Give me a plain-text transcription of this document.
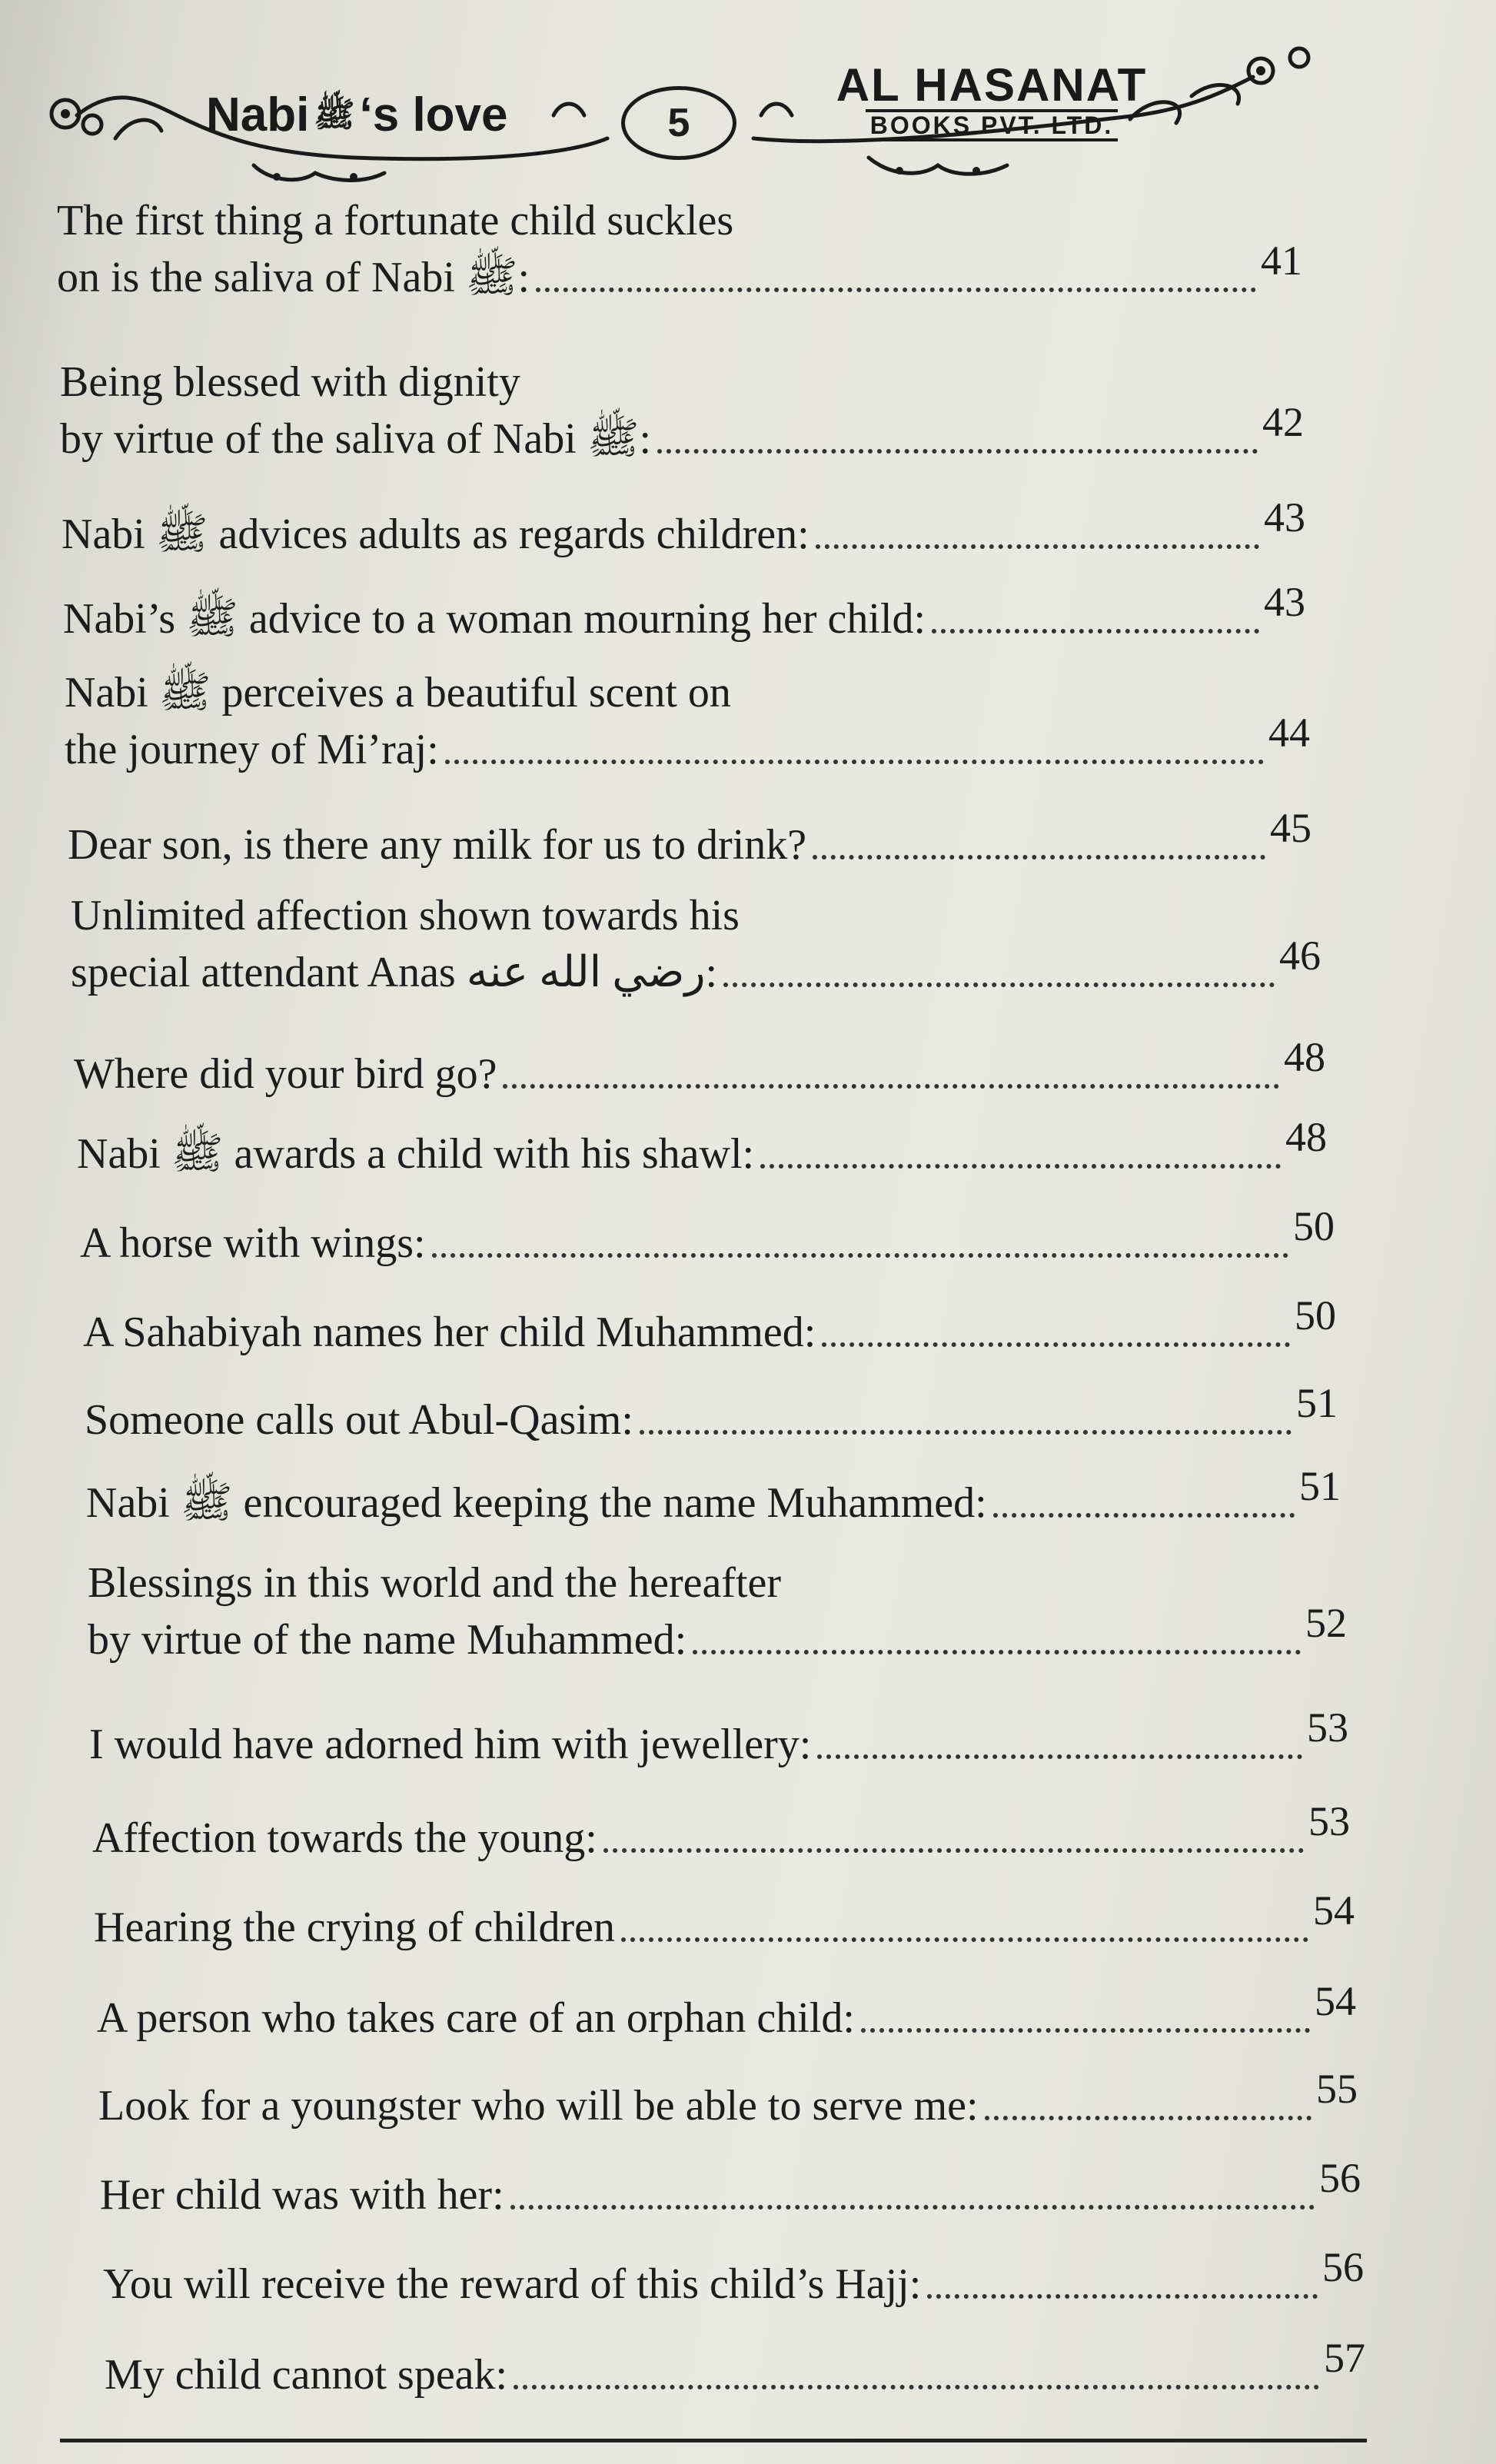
Nabi ﷺ‘s love	5
AL HASANAT
BOOKS PVT. LTD.
The first thing a fortunate child suckles
on is the saliva of Nabi ﷺ:	41
Being blessed with dignity
by virtue of the saliva of Nabi ﷺ:	42
Nabi ﷺ advices adults as regards children:	43
Nabi’s ﷺ advice to a woman mourning her child:	43
Nabi ﷺ perceives a beautiful scent on
the journey of Mi’raj:	44
Dear son, is there any milk for us to drink?	45
Unlimited affection shown towards his
special attendant Anas رضي الله عنه:	46
Where did your bird go?	48
Nabi ﷺ awards a child with his shawl:	48
A horse with wings:	50
A Sahabiyah names her child Muhammed:	50
Someone calls out Abul-Qasim:	51
Nabi ﷺ encouraged keeping the name Muhammed:	51
Blessings in this world and the hereafter
by virtue of the name Muhammed:	52
I would have adorned him with jewellery:	53
Affection towards the young:	53
Hearing the crying of children	54
A person who takes care of an orphan child:	54
Look for a youngster who will be able to serve me:	55
Her child was with her:	56
You will receive the reward of this child’s Hajj:	56
My child cannot speak:	57
